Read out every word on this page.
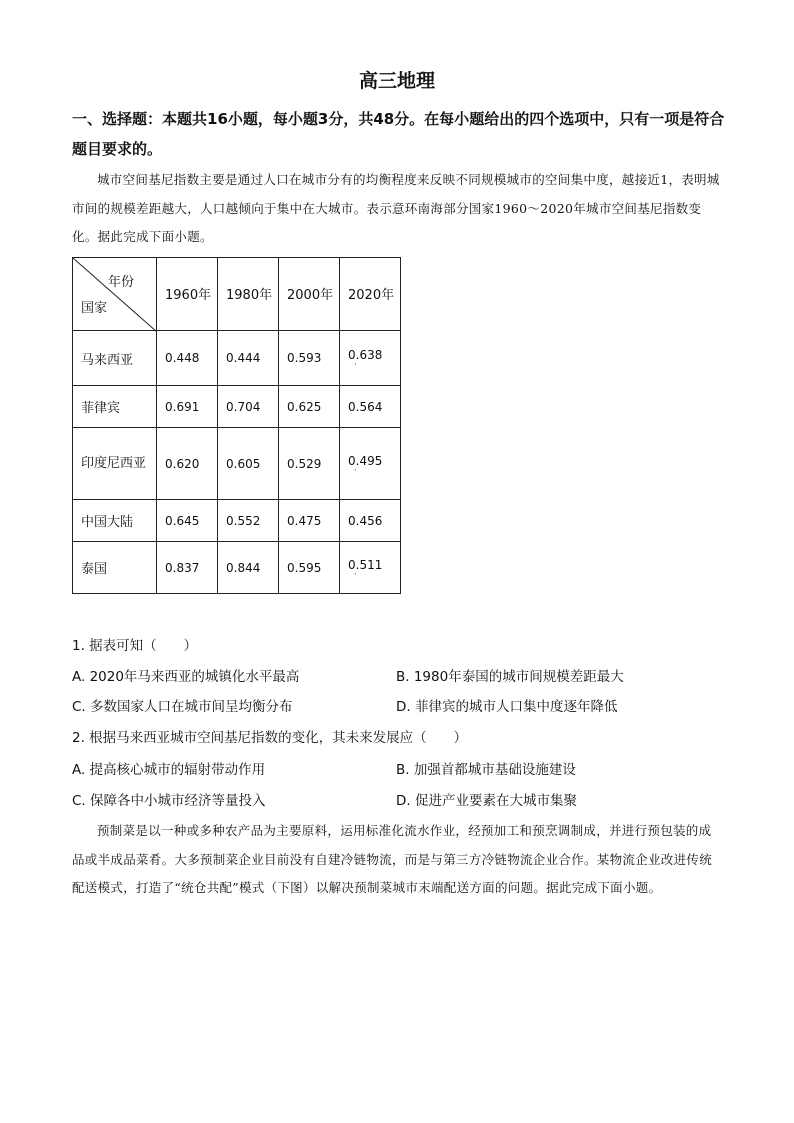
高三地理
一、选择题：本题共16小题，每小题3分，共48分。在每小题给出的四个选项中，只有一项是符合题目要求的。
城市空间基尼指数主要是通过人口在城市分有的均衡程度来反映不同规模城市的空间集中度，越接近1，表明城市间的规模差距越大，人口越倾向于集中在大城市。表示意环南海部分国家1960～2020年城市空间基尼指数变化。据此完成下面小题。
年份
国家	1960年	1980年	2000年	2020年
马来西亚	0.448	0.444	0.593	0.638
·

菲律宾	0.691	0.704	0.625	0.564
印度尼西亚	0.620	0.605	0.529	0.495
·

中国大陆	0.645	0.552	0.475	0.456
泰国	0.837	0.844	0.595	0.511
·
1. 据表可知（　　）
A. 2020年马来西亚的城镇化水平最高	B. 1980年泰国的城市间规模差距最大
C. 多数国家人口在城市间呈均衡分布	D. 菲律宾的城市人口集中度逐年降低
2. 根据马来西亚城市空间基尼指数的变化，其未来发展应（　　）
A. 提高核心城市的辐射带动作用	B. 加强首都城市基础设施建设
C. 保障各中小城市经济等量投入	D. 促进产业要素在大城市集聚
预制菜是以一种或多种农产品为主要原料，运用标准化流水作业，经预加工和预烹调制成，并进行预包装的成品或半成品菜肴。大多预制菜企业目前没有自建冷链物流，而是与第三方冷链物流企业合作。某物流企业改进传统配送模式，打造了“统仓共配”模式（下图）以解决预制菜城市末端配送方面的问题。据此完成下面小题。
